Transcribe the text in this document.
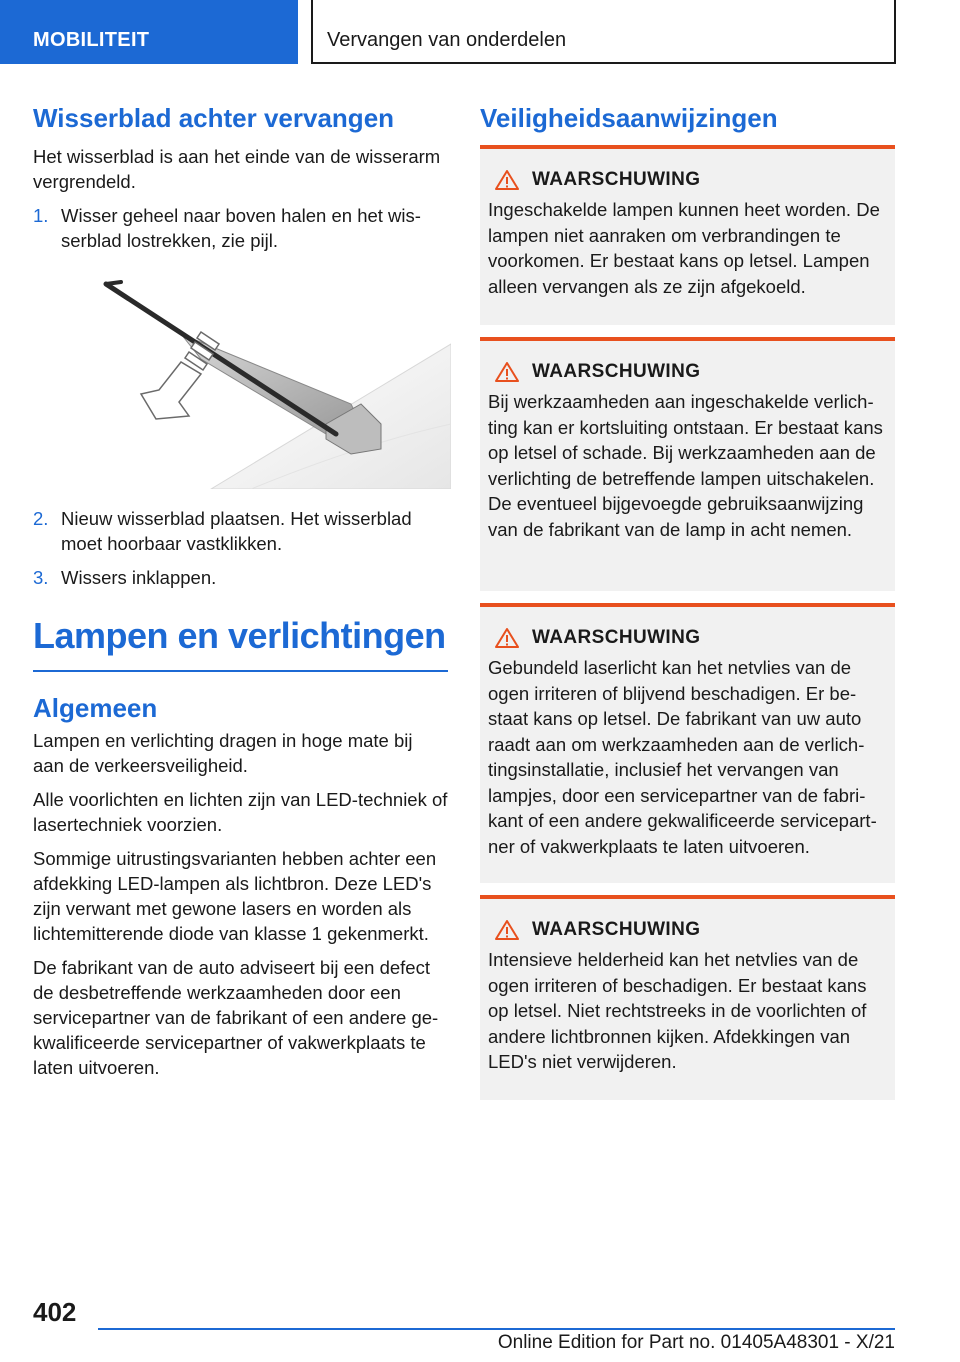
MOBILITEIT	Vervangen van onderdelen
Wisserblad achter vervangen

Het wisserblad is aan het einde van de wisserarm vergrendeld.

1. Wisser geheel naar boven halen en het wisserblad lostrekken, zie pijl.
2. Nieuw wisserblad plaatsen. Het wisserblad moet hoorbaar vastklikken.
3. Wissers inklappen.
Lampen en verlichtingen
Algemeen

Lampen en verlichting dragen in hoge mate bij aan de verkeersveiligheid.

Alle voorlichten en lichten zijn van LED-techniek of lasertechniek voorzien.

Sommige uitrustingsvarianten hebben achter een afdekking LED-lampen als lichtbron. Deze LED's zijn verwant met gewone lasers en worden als lichtemitterende diode van klasse 1 gekenmerkt.

De fabrikant van de auto adviseert bij een defect de desbetreffende werkzaamheden door een servicepartner van de fabrikant of een andere gekwalificeerde servicepartner of vakwerkplaats te laten uitvoeren.

Veiligheidsaanwijzingen
WAARSCHUWING
Ingeschakelde lampen kunnen heet worden. De lampen niet aanraken om verbrandingen te voorkomen. Er bestaat kans op letsel. Lampen alleen vervangen als ze zijn afgekoeld.
WAARSCHUWING
Bij werkzaamheden aan ingeschakelde verlichting kan er kortsluiting ontstaan. Er bestaat kans op letsel of schade. Bij werkzaamheden aan de verlichting de betreffende lampen uitschakelen. De eventueel bijgevoegde gebruiksaanwijzing van de fabrikant van de lamp in acht nemen.
WAARSCHUWING
Gebundeld laserlicht kan het netvlies van de ogen irriteren of blijvend beschadigen. Er bestaat kans op letsel. De fabrikant van uw auto raadt aan om werkzaamheden aan de verlichtingsinstallatie, inclusief het vervangen van lampjes, door een servicepartner van de fabrikant of een andere gekwalificeerde servicepartner of vakwerkplaats te laten uitvoeren.
WAARSCHUWING
Intensieve helderheid kan het netvlies van de ogen irriteren of beschadigen. Er bestaat kans op letsel. Niet rechtstreeks in de voorlichten of andere lichtbronnen kijken. Afdekkingen van LED's niet verwijderen.
402
Online Edition for Part no. 01405A48301 - X/21
